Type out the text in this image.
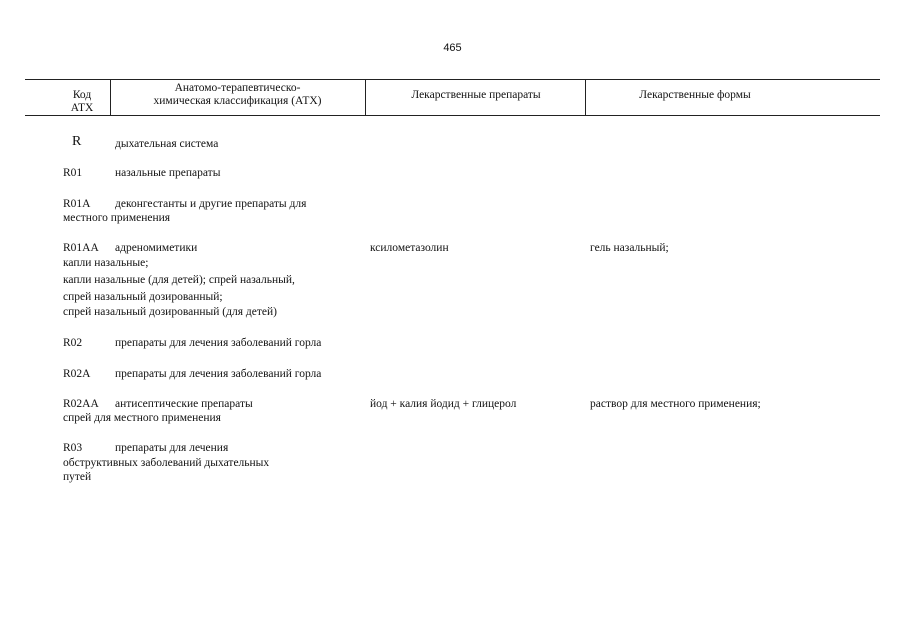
465
Код
АТХ
Анатомо-терапевтическо-
химическая классификация (АТХ)	Лекарственные препараты	Лекарственные формы
R	дыхательная система
R01	назальные препараты
R01A деконгестанты и другие препараты для
местного применения
R01AA адреномиметики	ксилометазолин	гель назальный;
капли назальные;
капли назальные (для детей); спрей назальный,
спрей назальный дозированный;
спрей назальный дозированный (для детей)
R02	препараты для лечения заболеваний горла
R02A препараты для лечения заболеваний горла
R02AA антисептические препараты	йод + калия йодид + глицерол	раствор для местного применения;
спрей для местного применения
R03	препараты для лечения
обструктивных заболеваний дыхательных
путей
